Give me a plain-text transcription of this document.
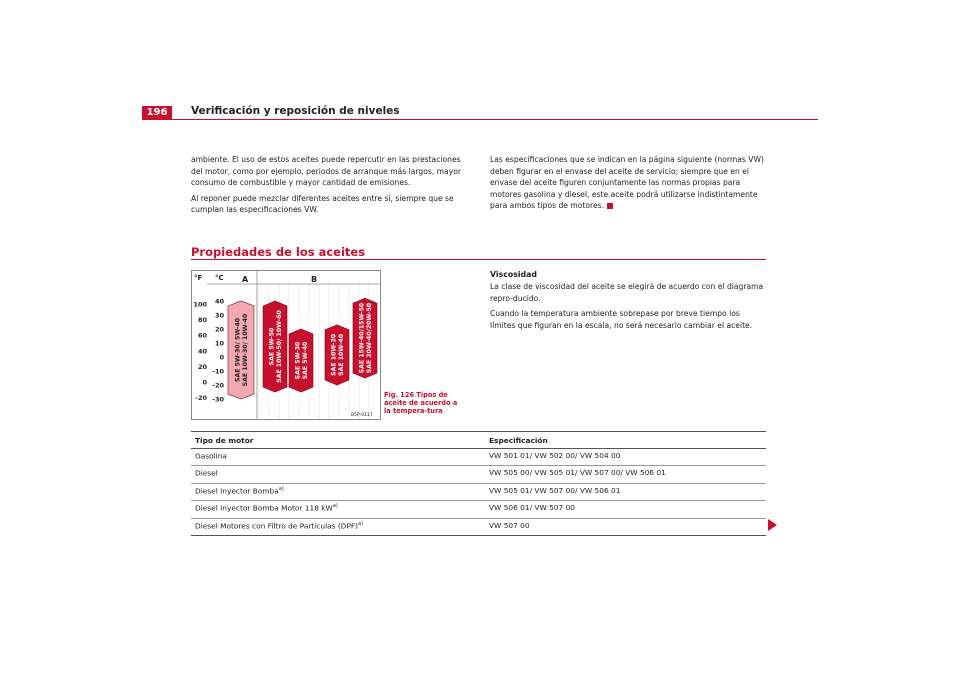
196	Verificación y reposición de niveles

ambiente. El uso de estos aceites puede repercutir en las prestaciones del motor, como por ejemplo, periodos de arranque más largos, mayor consumo de combustible y mayor cantidad de emisiones.

Al reponer puede mezclar diferentes aceites entre sí, siempre que se cumplan las especificaciones VW.

Las especificaciones que se indican en la página siguiente (normas VW) deben figurar en el envase del aceite de servicio; siempre que en el envase del aceite figuren conjuntamente las normas propias para motores gasolina y diesel, este aceite podrá utilizarse indistintamente para ambos tipos de motores.

Propiedades de los aceites
°F °C A	B
100
80
60
40
20
0
-20
40
30
20
10
0
-10
-20
-30
SAE 5W-30/ 5W-40 SAE 10W-30/ 10W-40	SAE 5W-50 SAE 10W-50/ 10W-60 SAE 5W-30 SAE 5W-40	SAE 10W-30 SAE 10W-40 SAE 15W-40/15W-50 SAE 20W-40/20W-50
B5P-0117
Fig. 126 Tipos de aceite de acuerdo a la tempera-tura
Viscosidad

La clase de viscosidad del aceite se elegirá de acuerdo con el diagrama repro-ducido.

Cuando la temperatura ambiente sobrepase por breve tiempo los límites que figuran en la escala, no será necesario cambiar el aceite.

Tipo de motor	Especificación
Gasolina	VW 501 01/ VW 502 00/ VW 504 00
Diesel	VW 505 00/ VW 505 01/ VW 507 00/ VW 506 01
Diesel Inyector Bomba$^{a)}$	VW 505 01/ VW 507 00/ VW 506 01
Diesel Inyector Bomba Motor 118 $kW^{a)}$	VW 506 01/ VW 507 00
Diesel Motores con Filtro de Partículas (DPF)$^{a)}$	VW 507 00
